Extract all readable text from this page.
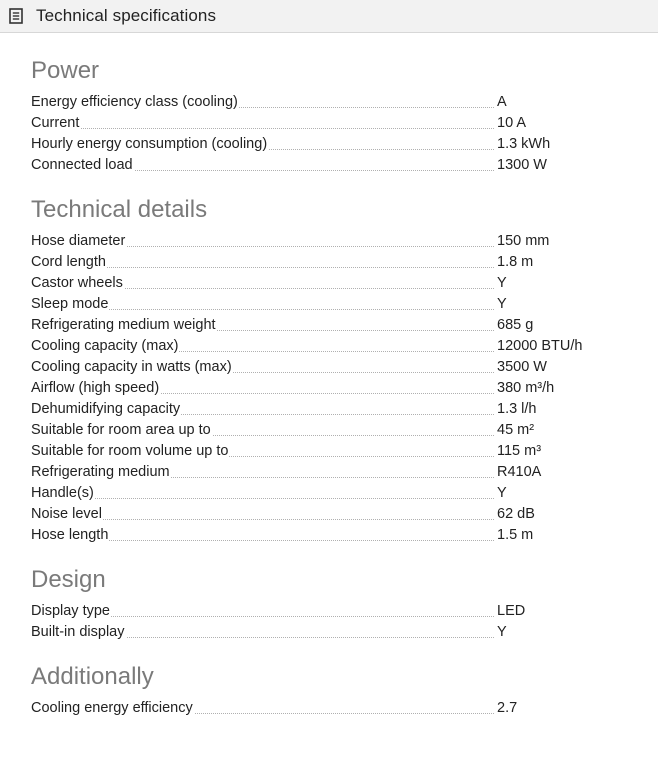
Technical specifications
Power
Energy efficiency class (cooling)	A
Current	10 A
Hourly energy consumption (cooling)	1.3 kWh
Connected load	1300 W
Technical details
Hose diameter	150 mm
Cord length	1.8 m
Castor wheels	Y
Sleep mode	Y
Refrigerating medium weight	685 g
Cooling capacity (max)	12000 BTU/h
Cooling capacity in watts (max)	3500 W
Airflow (high speed)	380 m³/h
Dehumidifying capacity	1.3 l/h
Suitable for room area up to	45 m²
Suitable for room volume up to	115 m³
Refrigerating medium	R410A
Handle(s)	Y
Noise level	62 dB
Hose length	1.5 m
Design
Display type	LED
Built-in display	Y
Additionally
Cooling energy efficiency	2.7
